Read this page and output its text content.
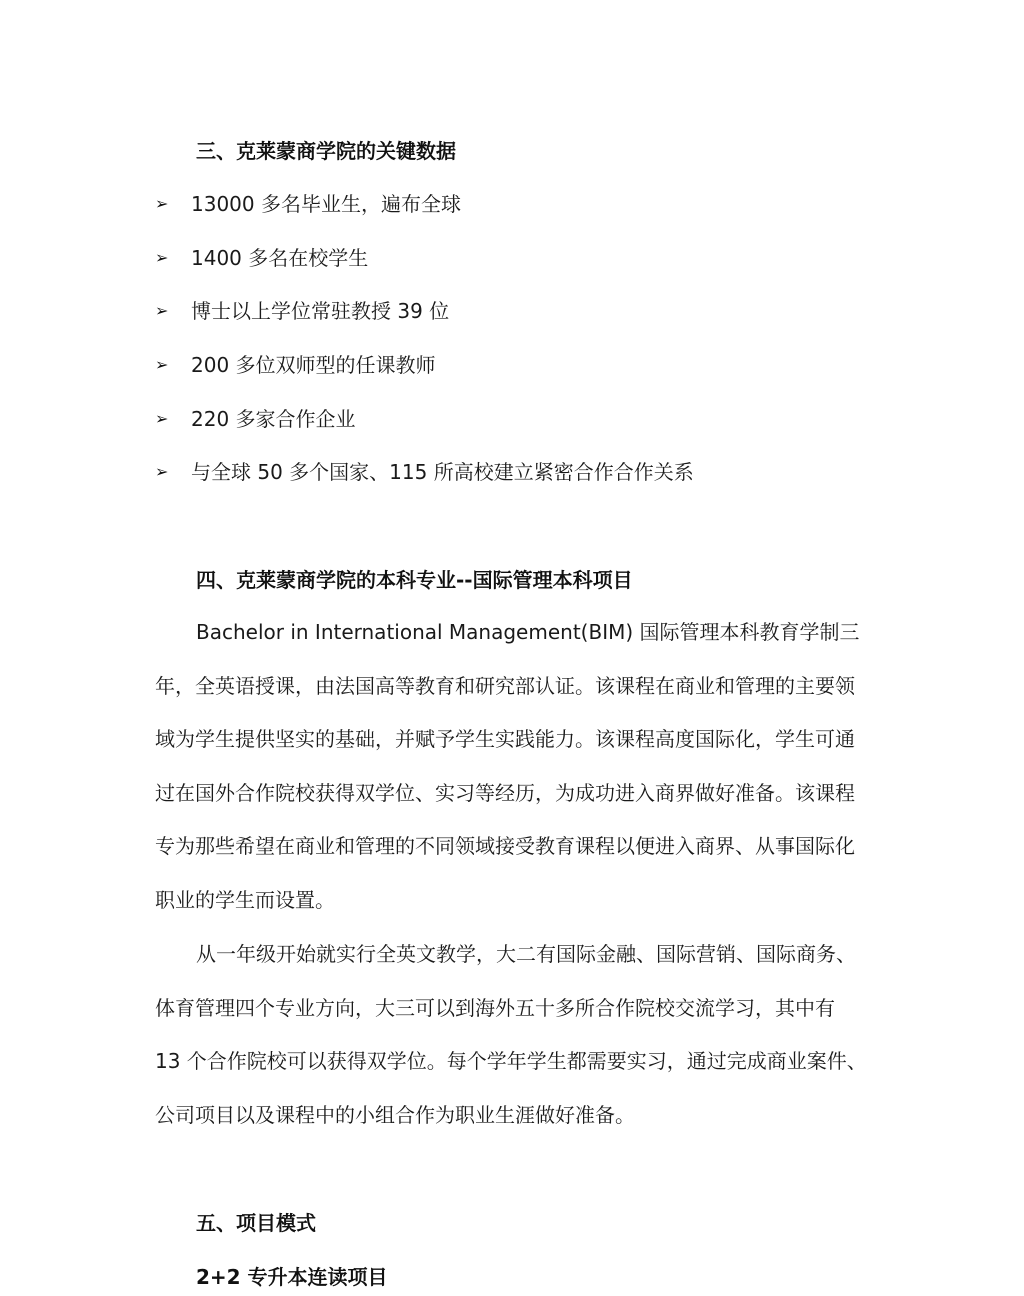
三、克莱蒙商学院的关键数据
➢	13000 多名毕业生，遍布全球
➢	1400 多名在校学生
➢	博士以上学位常驻教授 39 位
➢	200 多位双师型的任课教师
➢	220 多家合作企业
➢	与全球 50 多个国家、115 所高校建立紧密合作合作关系
四、克莱蒙商学院的本科专业--国际管理本科项目
Bachelor in International Management(BIM) 国际管理本科教育学制三
年，全英语授课，由法国高等教育和研究部认证。该课程在商业和管理的主要领
域为学生提供坚实的基础，并赋予学生实践能力。该课程高度国际化，学生可通
过在国外合作院校获得双学位、实习等经历，为成功进入商界做好准备。该课程
专为那些希望在商业和管理的不同领域接受教育课程以便进入商界、从事国际化
职业的学生而设置。
从一年级开始就实行全英文教学，大二有国际金融、国际营销、国际商务、
体育管理四个专业方向，大三可以到海外五十多所合作院校交流学习，其中有
13 个合作院校可以获得双学位。每个学年学生都需要实习，通过完成商业案件、
公司项目以及课程中的小组合作为职业生涯做好准备。
五、项目模式
2+2 专升本连读项目
